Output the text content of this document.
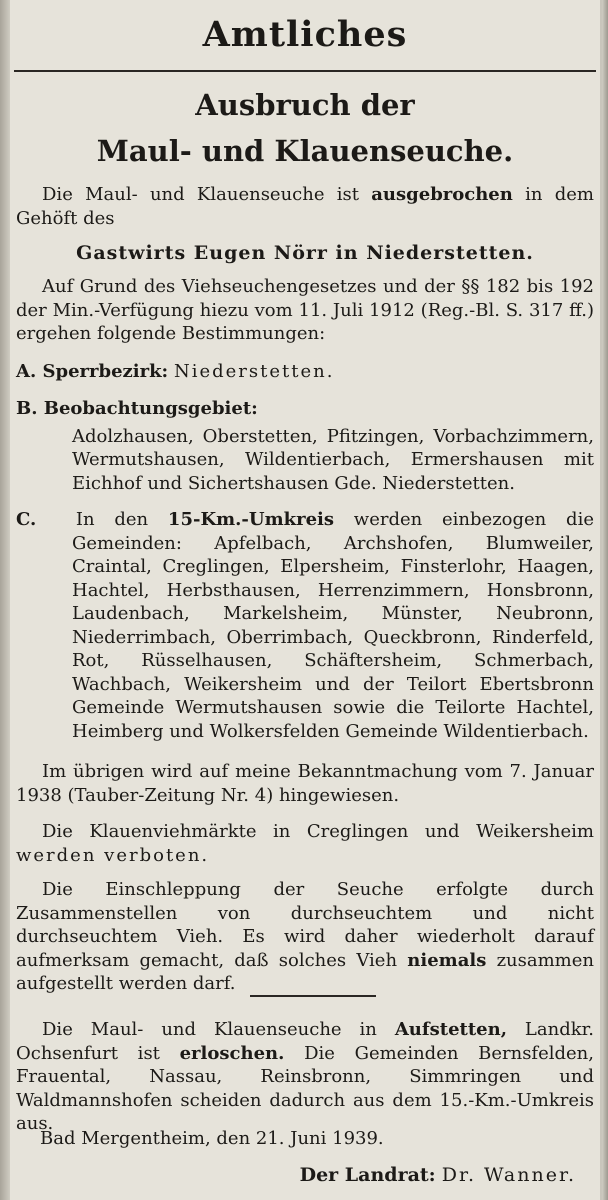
Amtliches
Ausbruch der
Maul- und Klauenseuche.

Die Maul- und Klauenseuche ist ausgebrochen in dem Gehöft des

Gastwirts Eugen Nörr in Niederstetten.

Auf Grund des Viehseuchengesetzes und der §§ 182 bis 192 der Min.-Verfügung hiezu vom 11. Juli 1912 (Reg.-Bl. S. 317 ff.) ergehen folgende Bestimmungen:

A. Sperrbezirk: Niederstetten.
B. Beobachtungsgebiet:
Adolzhausen, Oberstetten, Pfitzingen, Vorbachzimmern, Wermutshausen, Wildentierbach, Ermershausen mit Eichhof und Sichertshausen Gde. Niederstetten.
C. In den 15-Km.-Umkreis werden einbezogen die Gemeinden: Apfelbach, Archshofen, Blumweiler, Craintal, Creglingen, Elpersheim, Finsterlohr, Haagen, Hachtel, Herbsthausen, Herrenzimmern, Honsbronn, Laudenbach, Markelsheim, Münster, Neubronn, Niederrimbach, Oberrimbach, Queckbronn, Rinderfeld, Rot, Rüsselhausen, Schäftersheim, Schmerbach, Wachbach, Weikersheim und der Teilort Ebertsbronn Gemeinde Wermutshausen sowie die Teilorte Hachtel, Heimberg und Wolkersfelden Gemeinde Wildentierbach.

Im übrigen wird auf meine Bekanntmachung vom 7. Januar 1938 (Tauber-Zeitung Nr. 4) hingewiesen.

Die Klauenviehmärkte in Creglingen und Weikersheim werden verboten.

Die Einschleppung der Seuche erfolgte durch Zusammenstellen von durchseuchtem und nicht durchseuchtem Vieh. Es wird daher wiederholt darauf aufmerksam gemacht, daß solches Vieh niemals zusammen aufgestellt werden darf.

Die Maul- und Klauenseuche in Aufstetten, Landkr. Ochsenfurt ist erloschen. Die Gemeinden Bernsfelden, Frauental, Nassau, Reinsbronn, Simmringen und Waldmannshofen scheiden dadurch aus dem 15.-Km.-Umkreis aus.

Bad Mergentheim, den 21. Juni 1939.
Der Landrat: Dr. Wanner.
